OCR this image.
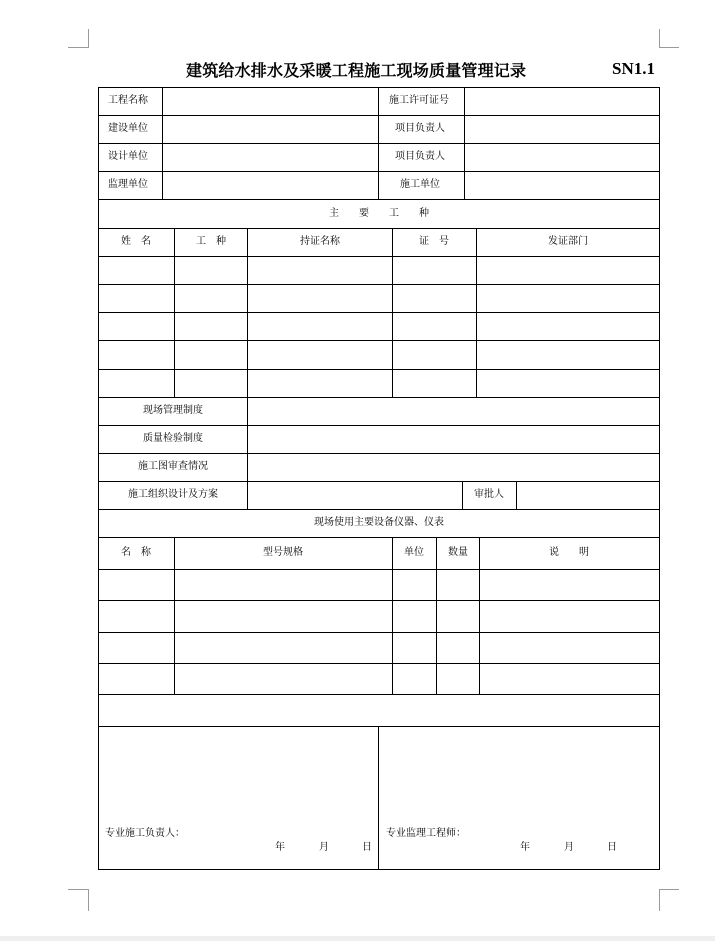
建筑给水排水及采暖工程施工现场质量管理记录	SN1.1
工程名称	施工许可证号
建设单位	项目负责人
设计单位	项目负责人
监理单位	施工单位
主　　要　　工　　种
姓　名	工　种	持证名称	证　号	发证部门
现场管理制度
质量检验制度
施工图审查情况
施工组织设计及方案	审批人
现场使用主要设备仪器、仪表
名　称	型号规格	单位 数量	说　　明
专业施工负责人：
年	月	日
专业监理工程师：
年	月	日
